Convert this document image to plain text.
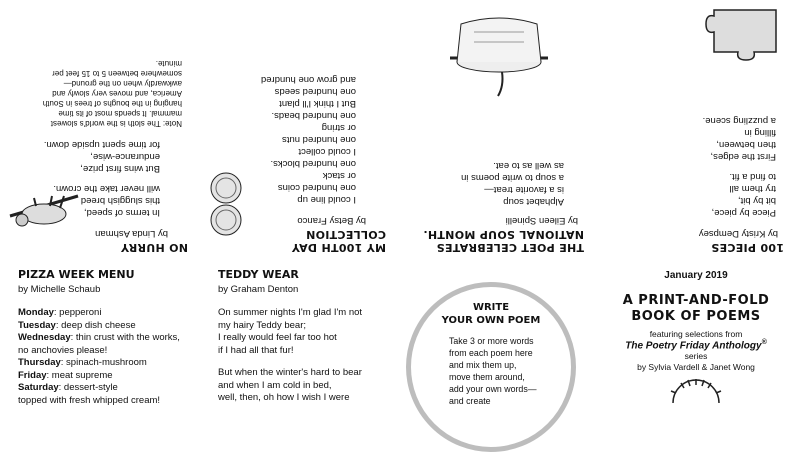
NO HURRY
by Linda Ashman
In terms of speed,
this sluggish breed
will never take the crown.
But wins first prize,
endurance-wise,
for time spent upside down.
Note: The sloth is the world's slowest
mammal. It spends most of its time
hanging in the boughs of trees in South
America, and moves very slowly and
awkwardly when on the ground—
somewhere between 5 to 15 feet per
minute.
MY 100TH DAY COLLECTION
by Betsy Franco
I could line up
one hundred coins
or stack
one hundred blocks.
I could collect
one hundred nuts
or string
one hundred beads.
But I think I'll plant
one hundred seeds
and grow one hundred
THE POET CELEBRATES NATIONAL SOUP MONTH.
by Eileen Spinelli
Alphabet soup
is a favorite treat—
a soup to write poems in
as well as to eat.
100 PIECES
by Kristy Dempsey
Piece by piece,
bit by bit,
try them all
to find a fit.
First the edges,
then between,
filling in
a puzzling scene.
PIZZA WEEK MENU
by Michelle Schaub
Monday: pepperoni
Tuesday: deep dish cheese
Wednesday: thin crust with the works,
no anchovies please!
Thursday: spinach-mushroom
Friday: meat supreme
Saturday: dessert-style
topped with fresh whipped cream!
TEDDY WEAR
by Graham Denton
On summer nights I'm glad I'm not
my hairy Teddy bear;
I really would feel far too hot
if I had all that fur!
But when the winter's hard to bear
and when I am cold in bed,
well, then, oh how I wish I were
WRITE
YOUR OWN POEM
Take 3 or more words
from each poem here
and mix them up,
move them around,
add your own words—
and create
January 2019
A PRINT-AND-FOLD
BOOK OF POEMS
featuring selections from
The Poetry Friday Anthology®
series
by Sylvia Vardell & Janet Wong
